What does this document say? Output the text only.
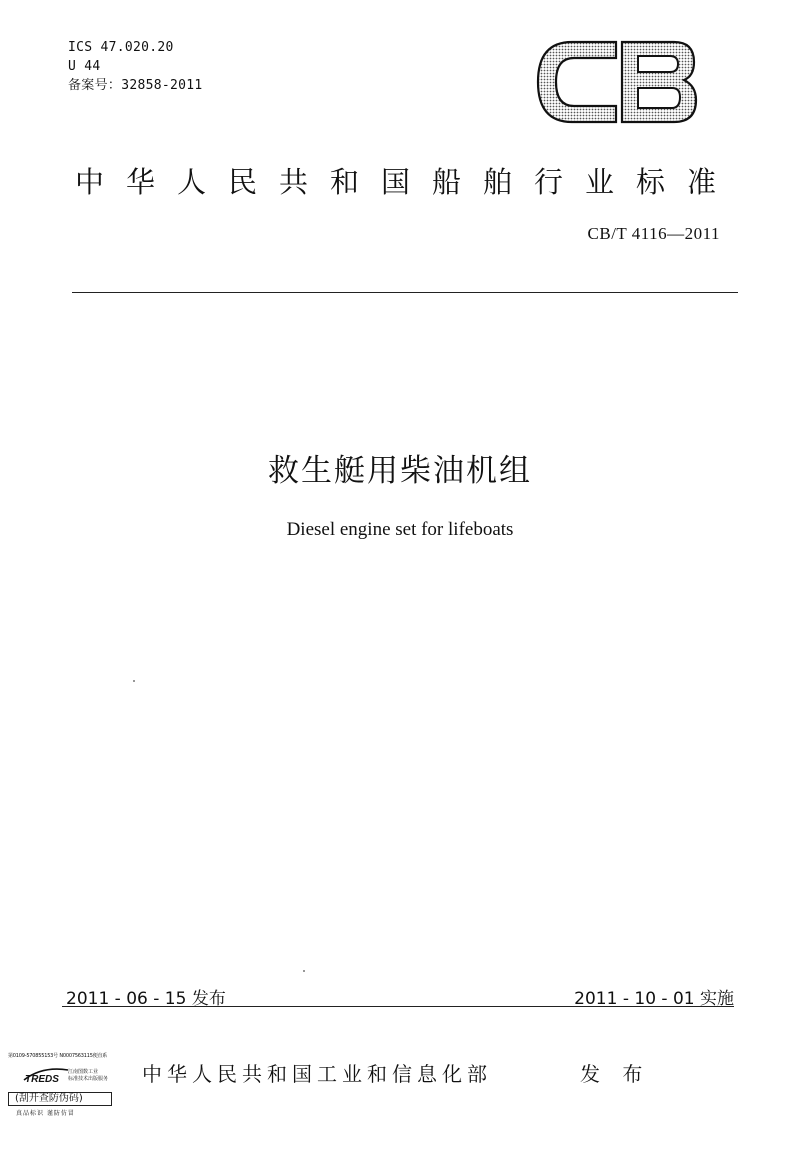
ICS 47.020.20
U 44
备案号：32858-2011
中华人民共和国船舶行业标准
CB/T 4116—2011
救生艇用柴油机组
Diesel engine set for lifeboats
2011 - 06 - 15 发布	2011 - 10 - 01 实施
中华人民共和国工业和信息化部	发 布
第0109-570855153号 N0007563115便直系
TREDS
江南图数工业
标准技术出版服务
(刮开查防伪码)
真品标识 谨防仿冒
